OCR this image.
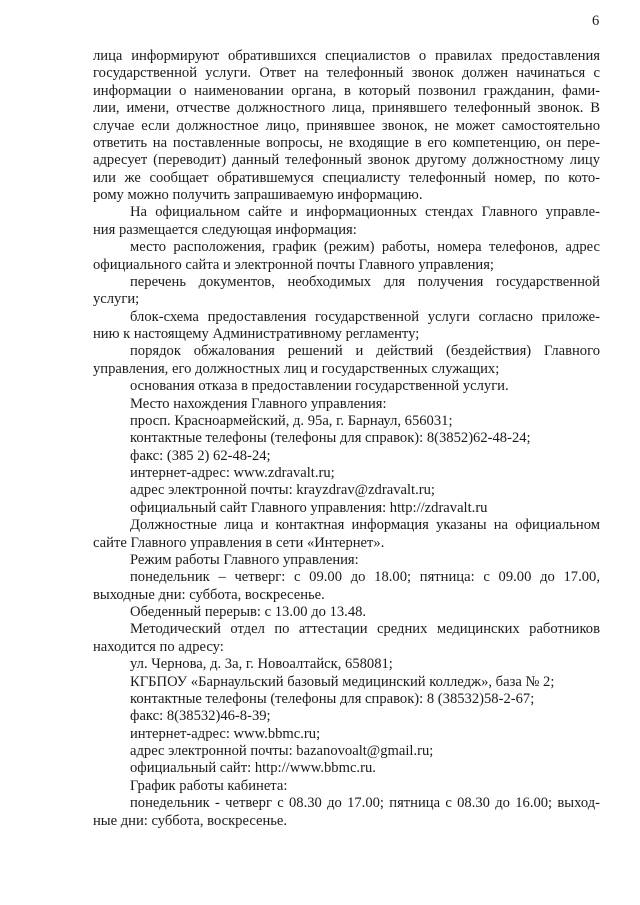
6
лица информируют обратившихся специалистов о правилах предоставления
государственной услуги. Ответ на телефонный звонок должен начинаться с
информации о наименовании органа, в который позвонил гражданин, фами-
лии, имени, отчестве должностного лица, принявшего телефонный звонок. В
случае если должностное лицо, принявшее звонок, не может самостоятельно
ответить на поставленные вопросы, не входящие в его компетенцию, он пере-
адресует (переводит) данный телефонный звонок другому должностному лицу
или же сообщает обратившемуся специалисту телефонный номер, по кото-
рому можно получить запрашиваемую информацию.
На официальном сайте и информационных стендах Главного управле-
ния размещается следующая информация:
место расположения, график (режим) работы, номера телефонов, адрес
официального сайта и электронной почты Главного управления;
перечень документов, необходимых для получения государственной
услуги;
блок-схема предоставления государственной услуги согласно приложе-
нию к настоящему Административному регламенту;
порядок обжалования решений и действий (бездействия) Главного
управления, его должностных лиц и государственных служащих;
основания отказа в предоставлении государственной услуги.
Место нахождения Главного управления:
просп. Красноармейский, д. 95а, г. Барнаул, 656031;
контактные телефоны (телефоны для справок): 8(3852)62-48-24;
факс: (385 2) 62-48-24;
интернет-адрес: www.zdravalt.ru;
адрес электронной почты: krayzdrav@zdravalt.ru;
официальный сайт Главного управления: http://zdravalt.ru
Должностные лица и контактная информация указаны на официальном
сайте Главного управления в сети «Интернет».
Режим работы Главного управления:
понедельник – четверг: с 09.00 до 18.00; пятница: с 09.00 до 17.00,
выходные дни: суббота, воскресенье.
Обеденный перерыв: с 13.00 до 13.48.
Методический отдел по аттестации средних медицинских работников
находится по адресу:
ул. Чернова, д. 3а, г. Новоалтайск, 658081;
КГБПОУ «Барнаульский базовый медицинский колледж», база № 2;
контактные телефоны (телефоны для справок): 8 (38532)58-2-67;
факс: 8(38532)46-8-39;
интернет-адрес: www.bbmc.ru;
адрес электронной почты: bazanovoalt@gmail.ru;
официальный сайт: http://www.bbmc.ru.
График работы кабинета:
понедельник - четверг с 08.30 до 17.00; пятница с 08.30 до 16.00; выход-
ные дни: суббота, воскресенье.
